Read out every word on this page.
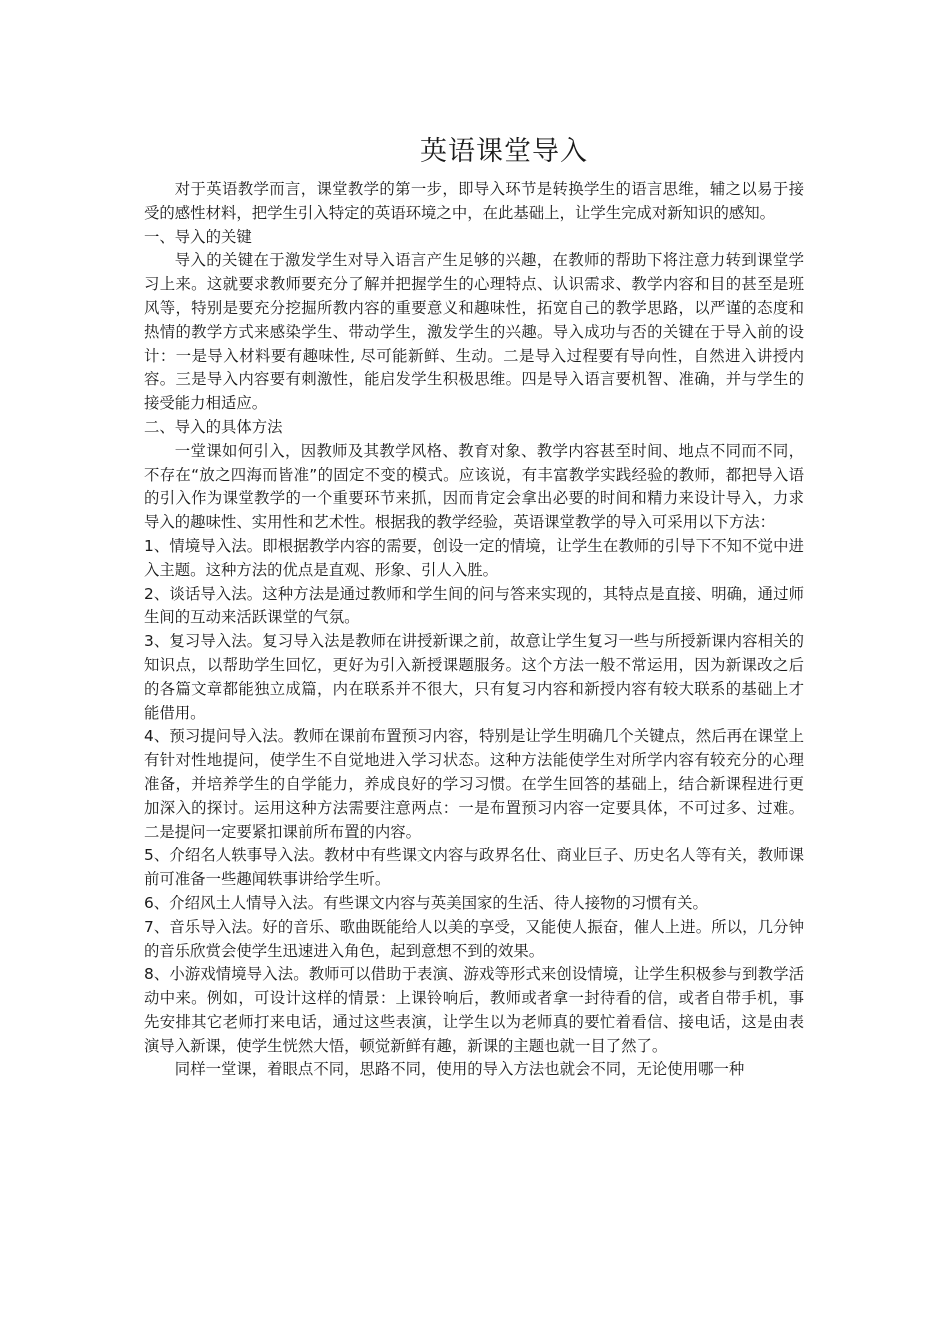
英语课堂导入

对于英语教学而言，课堂教学的第一步，即导入环节是转换学生的语言思维，辅之以易于接受的感性材料，把学生引入特定的英语环境之中，在此基础上，让学生完成对新知识的感知。

一、导入的关键

导入的关键在于激发学生对导入语言产生足够的兴趣，在教师的帮助下将注意力转到课堂学习上来。这就要求教师要充分了解并把握学生的心理特点、认识需求、教学内容和目的甚至是班风等，特别是要充分挖掘所教内容的重要意义和趣味性，拓宽自己的教学思路，以严谨的态度和热情的教学方式来感染学生、带动学生，激发学生的兴趣。导入成功与否的关键在于导入前的设计：一是导入材料要有趣味性, 尽可能新鲜、生动。二是导入过程要有导向性，自然进入讲授内容。三是导入内容要有刺激性，能启发学生积极思维。四是导入语言要机智、准确，并与学生的接受能力相适应。

二、导入的具体方法

一堂课如何引入，因教师及其教学风格、教育对象、教学内容甚至时间、地点不同而不同，不存在“放之四海而皆准”的固定不变的模式。应该说，有丰富教学实践经验的教师，都把导入语的引入作为课堂教学的一个重要环节来抓，因而肯定会拿出必要的时间和精力来设计导入，力求导入的趣味性、实用性和艺术性。根据我的教学经验，英语课堂教学的导入可采用以下方法：

1、情境导入法。即根据教学内容的需要，创设一定的情境，让学生在教师的引导下不知不觉中进入主题。这种方法的优点是直观、形象、引人入胜。

2、谈话导入法。这种方法是通过教师和学生间的问与答来实现的，其特点是直接、明确，通过师生间的互动来活跃课堂的气氛。

3、复习导入法。复习导入法是教师在讲授新课之前，故意让学生复习一些与所授新课内容相关的知识点，以帮助学生回忆，更好为引入新授课题服务。这个方法一般不常运用，因为新课改之后的各篇文章都能独立成篇，内在联系并不很大，只有复习内容和新授内容有较大联系的基础上才能借用。

4、预习提问导入法。教师在课前布置预习内容，特别是让学生明确几个关键点，然后再在课堂上有针对性地提问，使学生不自觉地进入学习状态。这种方法能使学生对所学内容有较充分的心理准备，并培养学生的自学能力，养成良好的学习习惯。在学生回答的基础上，结合新课程进行更加深入的探讨。运用这种方法需要注意两点：一是布置预习内容一定要具体，不可过多、过难。二是提问一定要紧扣课前所布置的内容。

5、介绍名人轶事导入法。教材中有些课文内容与政界名仕、商业巨子、历史名人等有关，教师课前可准备一些趣闻轶事讲给学生听。

6、介绍风土人情导入法。有些课文内容与英美国家的生活、待人接物的习惯有关。

7、音乐导入法。好的音乐、歌曲既能给人以美的享受，又能使人振奋，催人上进。所以，几分钟的音乐欣赏会使学生迅速进入角色，起到意想不到的效果。

8、小游戏情境导入法。教师可以借助于表演、游戏等形式来创设情境，让学生积极参与到教学活动中来。例如，可设计这样的情景：上课铃响后，教师或者拿一封待看的信，或者自带手机，事先安排其它老师打来电话，通过这些表演，让学生以为老师真的要忙着看信、接电话，这是由表演导入新课，使学生恍然大悟，顿觉新鲜有趣，新课的主题也就一目了然了。

同样一堂课，着眼点不同，思路不同，使用的导入方法也就会不同，无论使用哪一种
